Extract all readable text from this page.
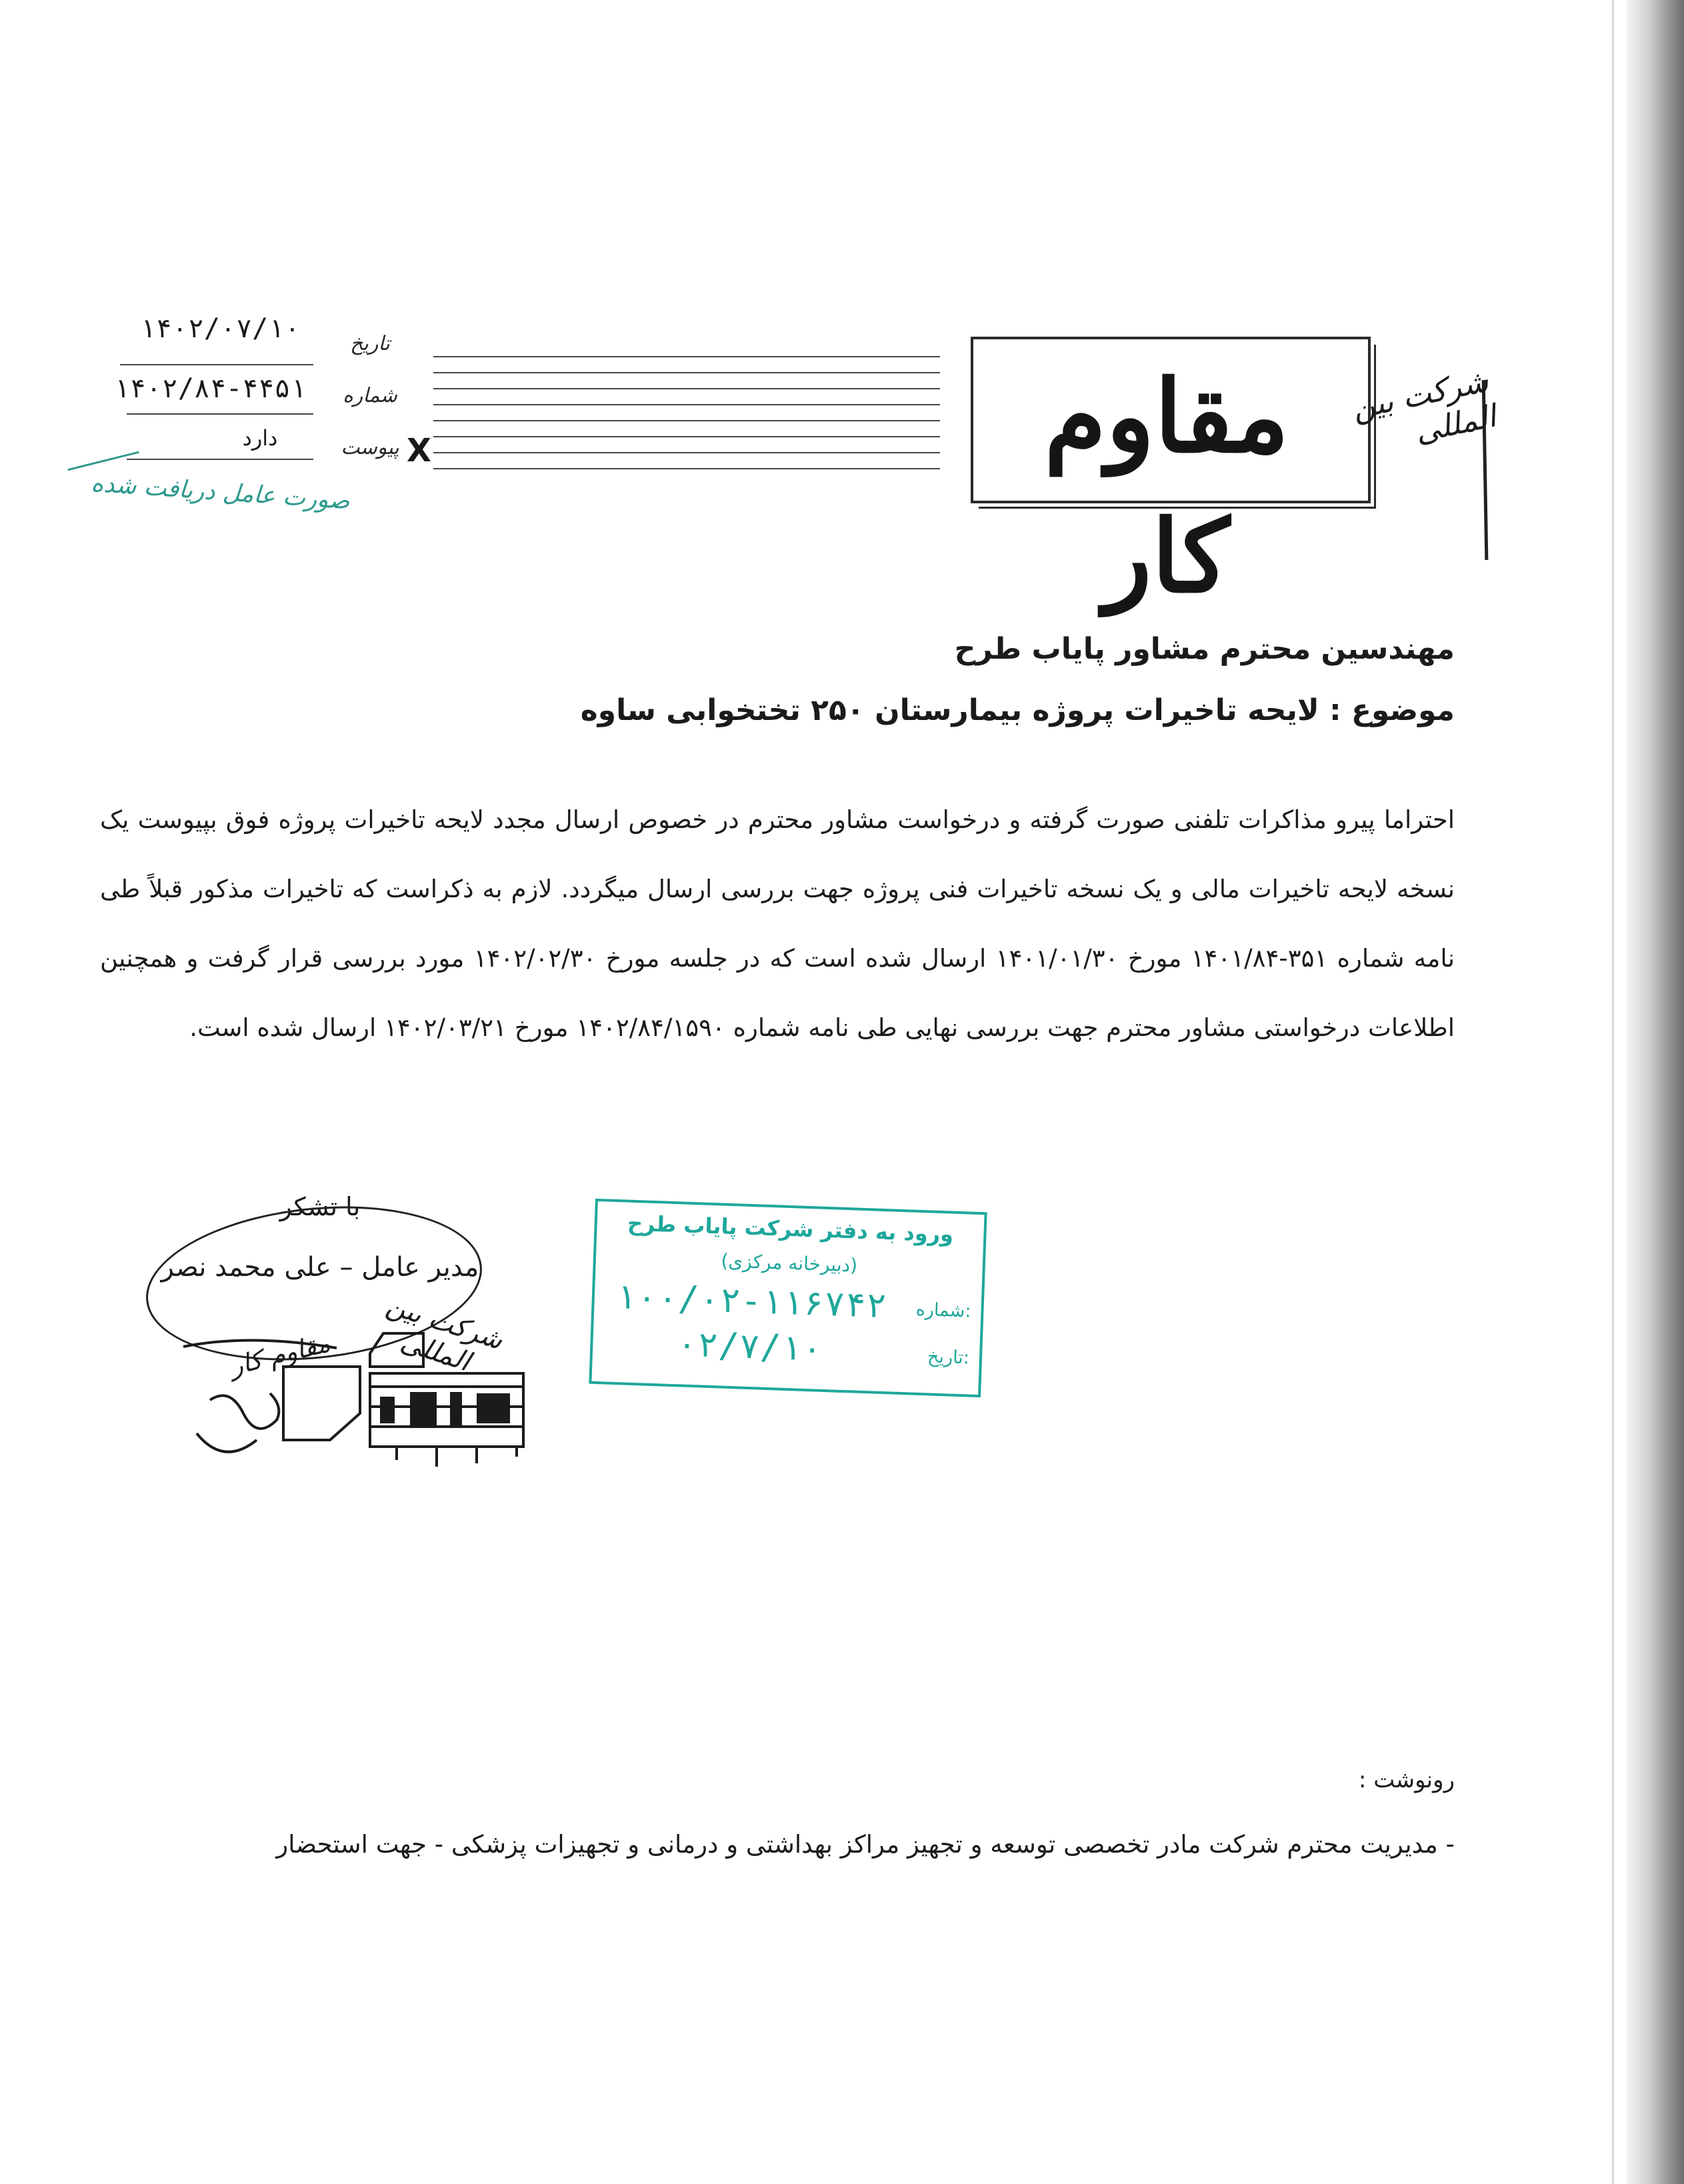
مقاوم کار
شرکت بین المللی
تاریخ
شماره
پیوست
۱۴۰۲/۰۷/۱۰
۱۴۰۲/۸۴-۴۴۵۱
دارد	X
صورت عامل دریافت شده
مهندسین محترم مشاور پایاب طرح
موضوع : لایحه تاخیرات پروژه بیمارستان ۲۵۰ تختخوابی ساوه
احتراما پیرو مذاکرات تلفنی صورت گرفته و درخواست مشاور محترم در خصوص ارسال مجدد لایحه تاخیرات پروژه فوق بپیوست یک نسخه لایحه تاخیرات مالی و یک نسخه تاخیرات فنی پروژه جهت بررسی ارسال میگردد. لازم به ذکراست که تاخیرات مذکور قبلاً طی نامه شماره ۳۵۱-۱۴۰۱/۸۴ مورخ ۱۴۰۱/۰۱/۳۰ ارسال شده است که در جلسه مورخ ۱۴۰۲/۰۲/۳۰ مورد بررسی قرار گرفت و همچنین اطلاعات درخواستی مشاور محترم جهت بررسی نهایی طی نامه شماره ۱۴۰۲/۸۴/۱۵۹۰ مورخ ۱۴۰۲/۰۳/۲۱ ارسال شده است.
با تشکر
مدیر عامل – علی محمد نصر
شرکت بین المللی
مقاوم کار
ورود به دفتر شرکت پایاب طرح
(دبیرخانه مرکزی)
شماره:
۱۰۰/۰۲-۱۱۶۷۴۲
تاریخ:
۰۲/۷/۱۰
رونوشت :
- مدیریت محترم شرکت مادر تخصصی توسعه و تجهیز مراکز بهداشتی و درمانی و تجهیزات پزشکی - جهت استحضار
